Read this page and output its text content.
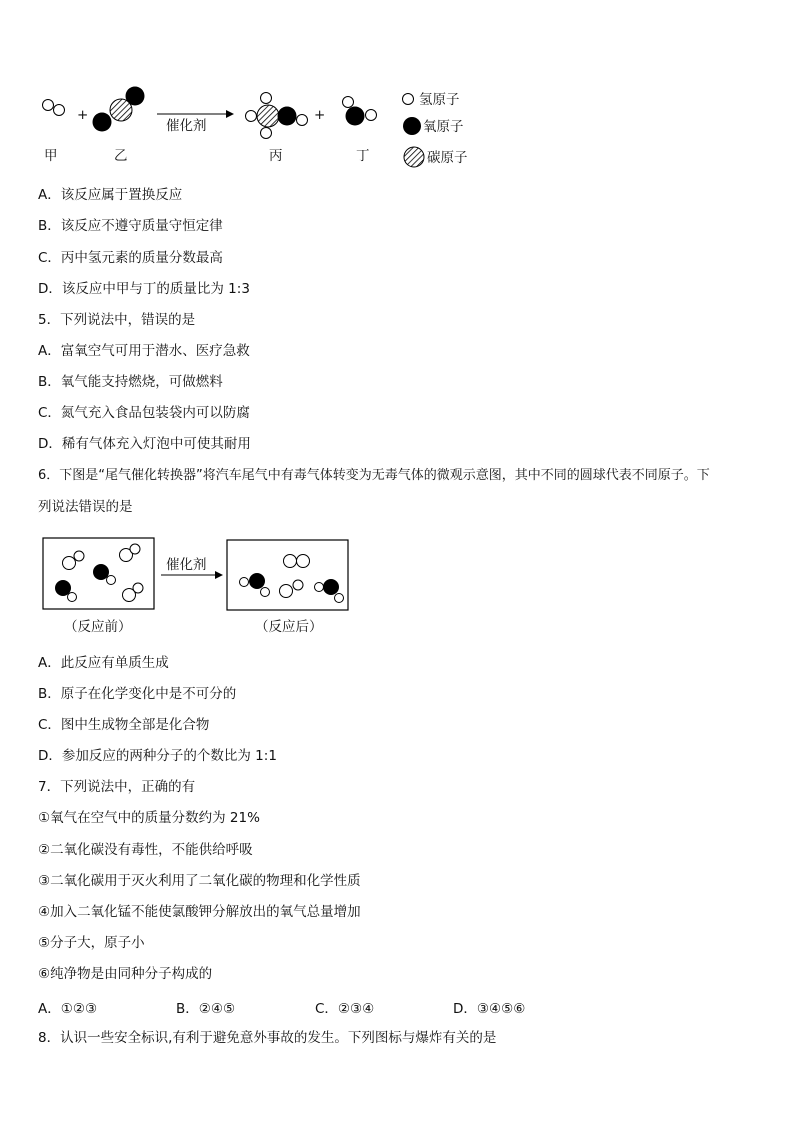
+
催化剂
+
甲	乙	丙	丁
氢原子
氧原子
碳原子
催化剂
（反应前）	（反应后）
A．该反应属于置换反应
B．该反应不遵守质量守恒定律
C．丙中氢元素的质量分数最高
D．该反应中甲与丁的质量比为 1:3
5．下列说法中，错误的是
A．富氧空气可用于潜水、医疗急救
B．氧气能支持燃烧，可做燃料
C．氮气充入食品包装袋内可以防腐
D．稀有气体充入灯泡中可使其耐用
6．下图是“尾气催化转换器”将汽车尾气中有毒气体转变为无毒气体的微观示意图，其中不同的圆球代表不同原子。下
列说法错误的是
A．此反应有单质生成
B．原子在化学变化中是不可分的
C．图中生成物全部是化合物
D．参加反应的两种分子的个数比为 1:1
7．下列说法中，正确的有
①氧气在空气中的质量分数约为 21%
②二氧化碳没有毒性，不能供给呼吸
③二氧化碳用于灭火利用了二氧化碳的物理和化学性质
④加入二氧化锰不能使氯酸钾分解放出的氧气总量增加
⑤分子大，原子小
⑥纯净物是由同种分子构成的
A．①②③	B．②④⑤	C．②③④	D．③④⑤⑥
8．认识一些安全标识,有利于避免意外事故的发生。下列图标与爆炸有关的是
